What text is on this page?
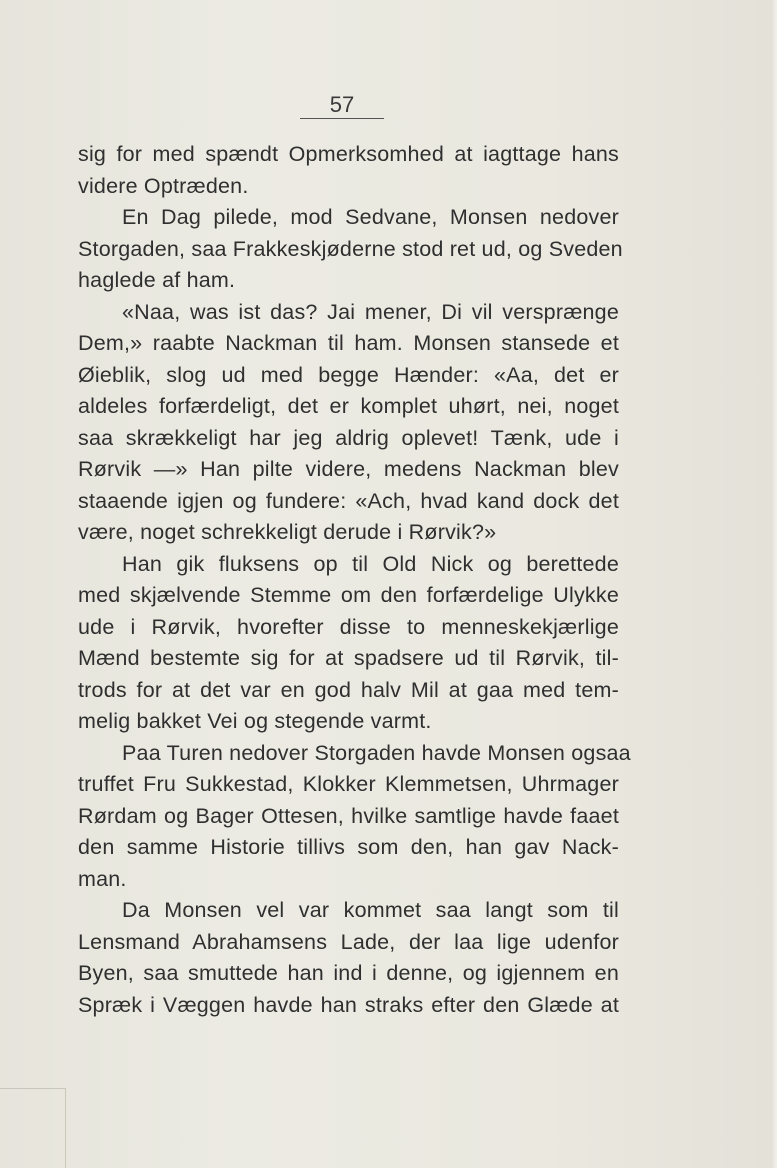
57
sig for med spændt Opmerksomhed at iagttage hans
videre Optræden.
En Dag pilede, mod Sedvane, Monsen nedover
Storgaden, saa Frakkeskjøderne stod ret ud, og Sveden
haglede af ham.
«Naa, was ist das? Jai mener, Di vil versprænge
Dem,» raabte Nackman til ham. Monsen stansede et
Øieblik, slog ud med begge Hænder: «Aa, det er
aldeles forfærdeligt, det er komplet uhørt, nei, noget
saa skrækkeligt har jeg aldrig oplevet! Tænk, ude i
Rørvik —» Han pilte videre, medens Nackman blev
staaende igjen og fundere: «Ach, hvad kand dock det
være, noget schrekkeligt derude i Rørvik?»
Han gik fluksens op til Old Nick og berettede
med skjælvende Stemme om den forfærdelige Ulykke
ude i Rørvik, hvorefter disse to menneskekjærlige
Mænd bestemte sig for at spadsere ud til Rørvik, til-
trods for at det var en god halv Mil at gaa med tem-
melig bakket Vei og stegende varmt.
Paa Turen nedover Storgaden havde Monsen ogsaa
truffet Fru Sukkestad, Klokker Klemmetsen, Uhrmager
Rørdam og Bager Ottesen, hvilke samtlige havde faaet
den samme Historie tillivs som den, han gav Nack-
man.
Da Monsen vel var kommet saa langt som til
Lensmand Abrahamsens Lade, der laa lige udenfor
Byen, saa smuttede han ind i denne, og igjennem en
Spræk i Væggen havde han straks efter den Glæde at
